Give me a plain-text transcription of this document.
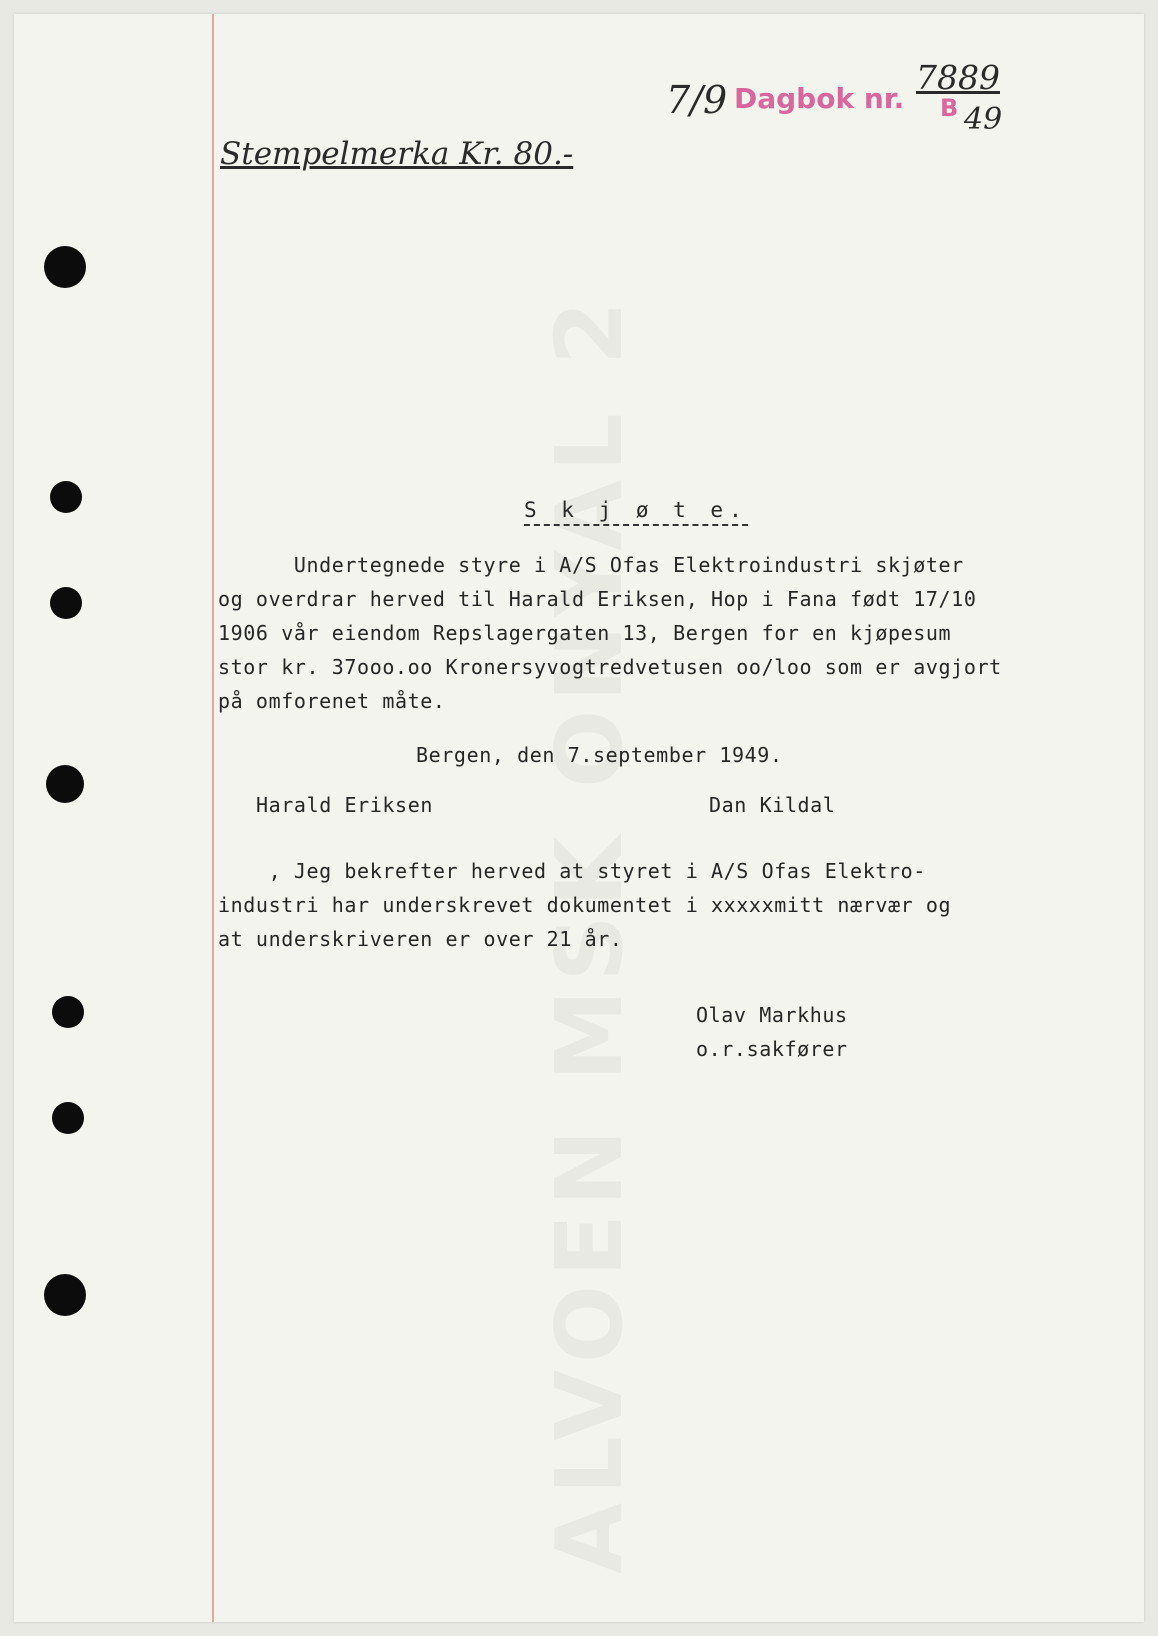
Stempelmerka Kr. 80.-
7/9 Dagbok nr.
7889
B 49
S k j ø t e.
Undertegnede styre i A/S Ofas Elektroindustri skjøter
og overdrar herved til Harald Eriksen, Hop i Fana født 17/10
1906 vår eiendom Repslagergaten 13, Bergen for en kjøpesum
stor kr. 37ooo.oo Kronersyvogtredvetusen oo/loo som er avgjort
på omforenet måte.
Bergen, den 7.september 1949.
Harald Eriksen	Dan Kildal
, Jeg bekrefter herved at styret i A/S Ofas Elektro-
industri har underskrevet dokumentet i xxxxxmitt nærvær og
at underskriveren er over 21 år.
Olav Markhus
o.r.sakfører
